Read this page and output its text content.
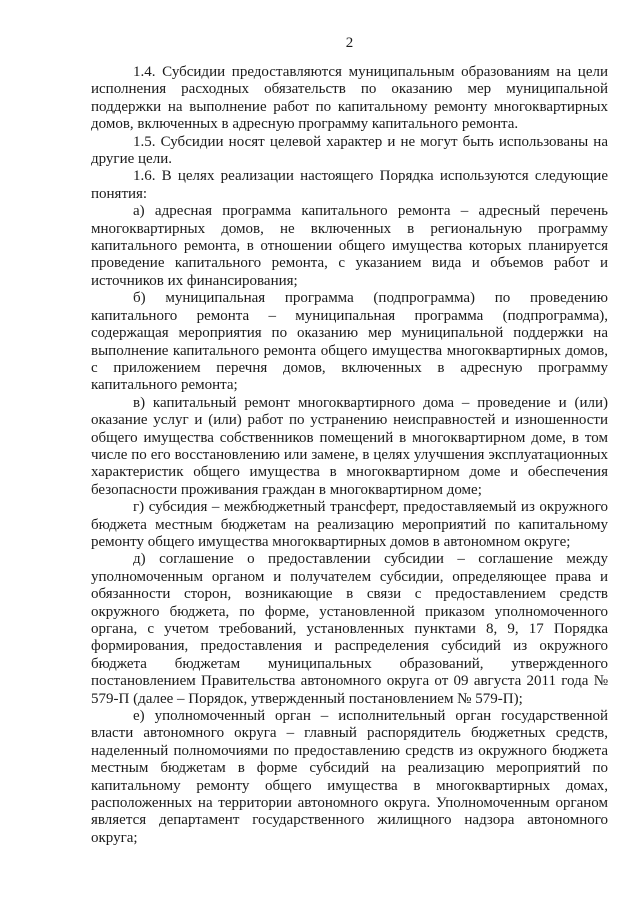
2

1.4. Субсидии предоставляются муниципальным образованиям на цели исполнения расходных обязательств по оказанию мер муниципальной поддержки на выполнение работ по капитальному ремонту многоквартирных домов, включенных в адресную программу капитального ремонта.

1.5. Субсидии носят целевой характер и не могут быть использованы на другие цели.

1.6. В целях реализации настоящего Порядка используются следующие понятия:

а) адресная программа капитального ремонта – адресный перечень многоквартирных домов, не включенных в региональную программу капитального ремонта, в отношении общего имущества которых планируется проведение капитального ремонта, с указанием вида и объемов работ и источников их финансирования;

б) муниципальная программа (подпрограмма) по проведению капитального ремонта – муниципальная программа (подпрограмма), содержащая мероприятия по оказанию мер муниципальной поддержки на выполнение капитального ремонта общего имущества многоквартирных домов, с приложением перечня домов, включенных в адресную программу капитального ремонта;

в) капитальный ремонт многоквартирного дома – проведение и (или) оказание услуг и (или) работ по устранению неисправностей и изношенности общего имущества собственников помещений в многоквартирном доме, в том числе по его восстановлению или замене, в целях улучшения эксплуатационных характеристик общего имущества в многоквартирном доме и обеспечения безопасности проживания граждан в многоквартирном доме;

г) субсидия – межбюджетный трансферт, предоставляемый из окружного бюджета местным бюджетам на реализацию мероприятий по капитальному ремонту общего имущества многоквартирных домов в автономном округе;

д) соглашение о предоставлении субсидии – соглашение между уполномоченным органом и получателем субсидии, определяющее права и обязанности сторон, возникающие в связи с предоставлением средств окружного бюджета, по форме, установленной приказом уполномоченного органа, с учетом требований, установленных пунктами 8, 9, 17 Порядка формирования, предоставления и распределения субсидий из окружного бюджета бюджетам муниципальных образований, утвержденного постановлением Правительства автономного округа от 09 августа 2011 года № 579-П (далее – Порядок, утвержденный постановлением № 579-П);

е) уполномоченный орган – исполнительный орган государственной власти автономного округа – главный распорядитель бюджетных средств, наделенный полномочиями по предоставлению средств из окружного бюджета местным бюджетам в форме субсидий на реализацию мероприятий по капитальному ремонту общего имущества в многоквартирных домах, расположенных на территории автономного округа. Уполномоченным органом является департамент государственного жилищного надзора автономного округа;
